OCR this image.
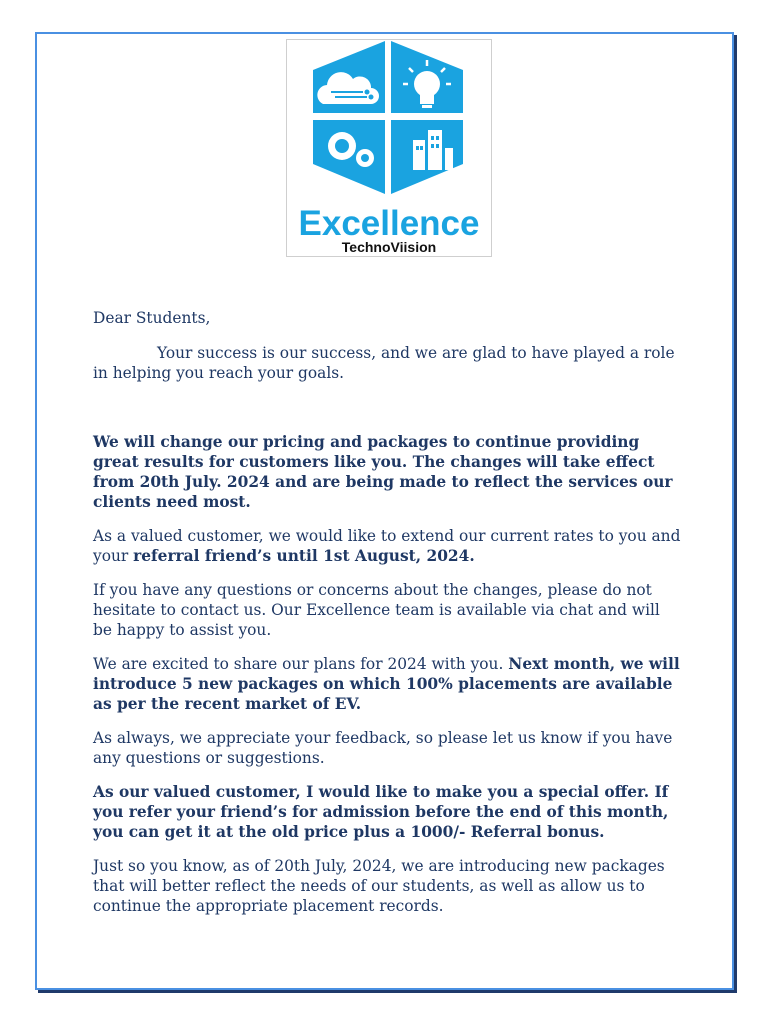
Excellence
TechnoViision

Dear Students,

Your success is our success, and we are glad to have played a role in helping you reach your goals.

We will change our pricing and packages to continue providing great results for customers like you. The changes will take effect from 20th July. 2024 and are being made to reflect the services our clients need most.

As a valued customer, we would like to extend our current rates to you and your referral friend’s until 1st August, 2024.

If you have any questions or concerns about the changes, please do not hesitate to contact us. Our Excellence team is available via chat and will be happy to assist you.

We are excited to share our plans for 2024 with you. Next month, we will introduce 5 new packages on which 100% placements are available as per the recent market of EV.

As always, we appreciate your feedback, so please let us know if you have any questions or suggestions.

As our valued customer, I would like to make you a special offer. If you refer your friend’s for admission before the end of this month, you can get it at the old price plus a 1000/- Referral bonus.

Just so you know, as of 20th July, 2024, we are introducing new packages that will better reflect the needs of our students, as well as allow us to continue the appropriate placement records.
